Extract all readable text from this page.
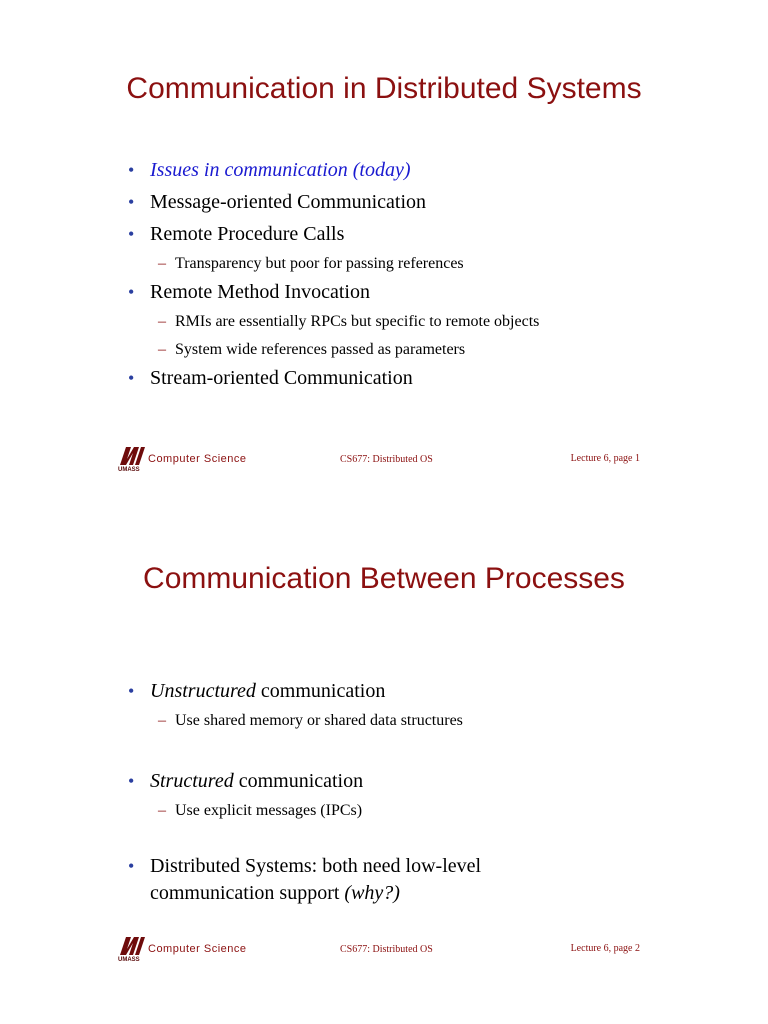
Communication in Distributed Systems
• Issues in communication (today)
• Message-oriented Communication
• Remote Procedure Calls
– Transparency but poor for passing references
• Remote Method Invocation
– RMIs are essentially RPCs but specific to remote objects
– System wide references passed as parameters
• Stream-oriented Communication
UMASS
Computer Science	CS677: Distributed OS	Lecture 6, page 1
Communication Between Processes
• Unstructured communication
– Use shared memory or shared data structures
• Structured communication
– Use explicit messages (IPCs)
• Distributed Systems: both need low-level
communication support (why?)
UMASS
Computer Science	CS677: Distributed OS	Lecture 6, page 2
